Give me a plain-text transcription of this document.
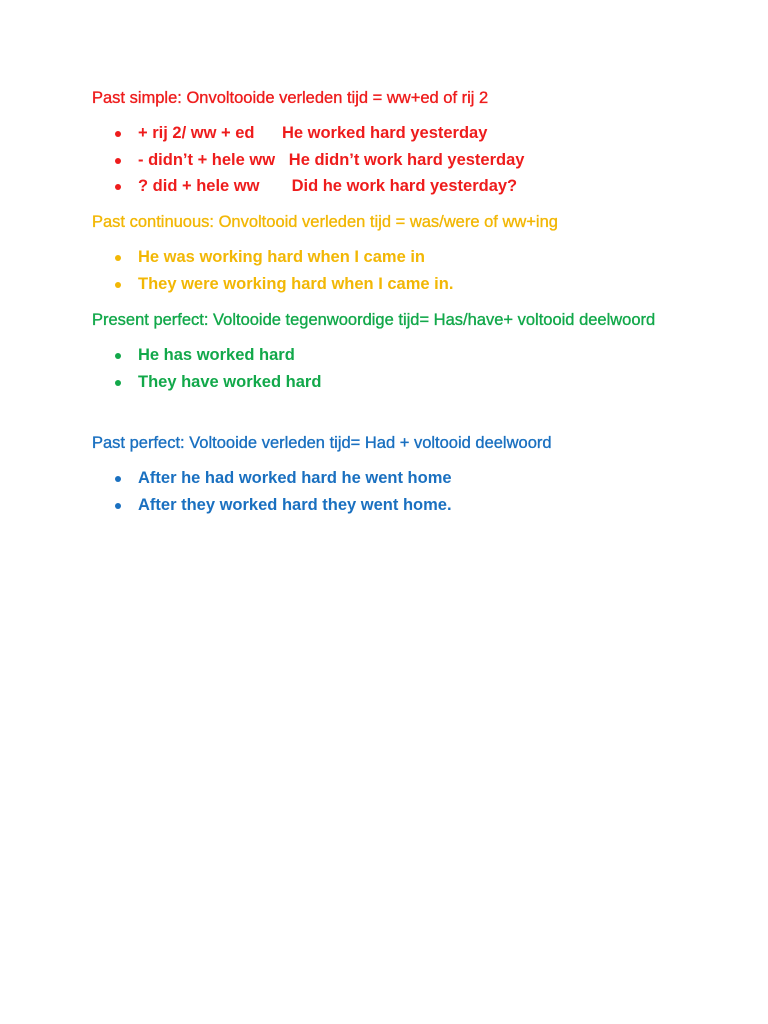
Past simple: Onvoltooide verleden tijd = ww+ed of rij 2
+ rij 2/ ww + ed      He worked hard yesterday
- didn’t + hele ww   He didn’t work hard yesterday
? did + hele ww       Did he work hard yesterday?
Past continuous: Onvoltooid verleden tijd = was/were of ww+ing
He was working hard when I came in
They were working hard when I came in.
Present perfect: Voltooide tegenwoordige tijd= Has/have+ voltooid deelwoord
He has worked hard
They have worked hard
Past perfect: Voltooide verleden tijd= Had + voltooid deelwoord
After he had worked hard he went home
After they worked hard they went home.
